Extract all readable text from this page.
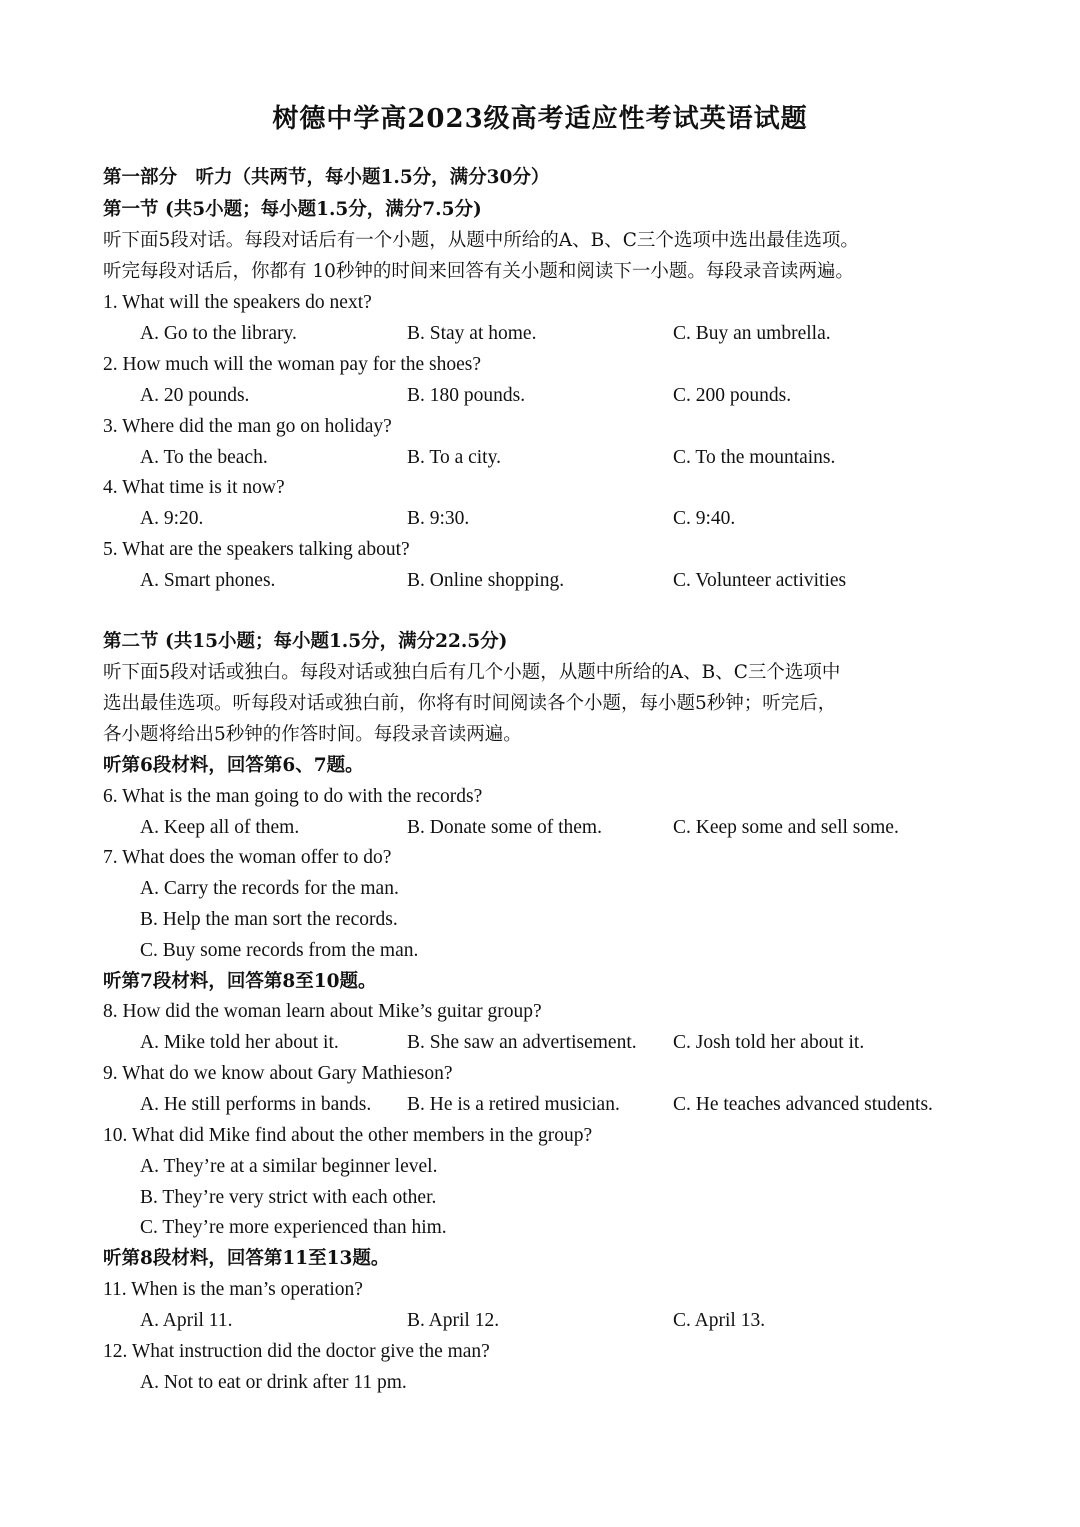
树德中学高2023级高考适应性考试英语试题
第一部分　听力（共两节，每小题1.5分，满分30分）
第一节 (共5小题；每小题1.5分，满分7.5分)
听下面5段对话。每段对话后有一个小题，从题中所给的A、B、C三个选项中选出最佳选项。
听完每段对话后，你都有 10秒钟的时间来回答有关小题和阅读下一小题。每段录音读两遍。
1. What will the speakers do next?
A. Go to the library.	B. Stay at home.	C. Buy an umbrella.
2. How much will the woman pay for the shoes?
A. 20 pounds.	B. 180 pounds.	C. 200 pounds.
3. Where did the man go on holiday?
A. To the beach.	B. To a city.	C. To the mountains.
4. What time is it now?
A. 9:20.	B. 9:30.	C. 9:40.
5. What are the speakers talking about?
A. Smart phones.	B. Online shopping.	C. Volunteer activities
第二节 (共15小题；每小题1.5分，满分22.5分)
听下面5段对话或独白。每段对话或独白后有几个小题，从题中所给的A、B、C三个选项中
选出最佳选项。听每段对话或独白前，你将有时间阅读各个小题，每小题5秒钟；听完后，
各小题将给出5秒钟的作答时间。每段录音读两遍。
听第6段材料，回答第6、7题。
6. What is the man going to do with the records?
A. Keep all of them.	B. Donate some of them.	C. Keep some and sell some.
7. What does the woman offer to do?
A. Carry the records for the man.
B. Help the man sort the records.
C. Buy some records from the man.
听第7段材料，回答第8至10题。
8. How did the woman learn about Mike’s guitar group?
A. Mike told her about it.	B. She saw an advertisement. C. Josh told her about it.
9. What do we know about Gary Mathieson?
A. He still performs in bands. B. He is a retired musician.	C. He teaches advanced students.
10. What did Mike find about the other members in the group?
A. They’re at a similar beginner level.
B. They’re very strict with each other.
C. They’re more experienced than him.
听第8段材料，回答第11至13题。
11. When is the man’s operation?
A. April 11.	B. April 12.	C. April 13.
12. What instruction did the doctor give the man?
A. Not to eat or drink after 11 pm.
